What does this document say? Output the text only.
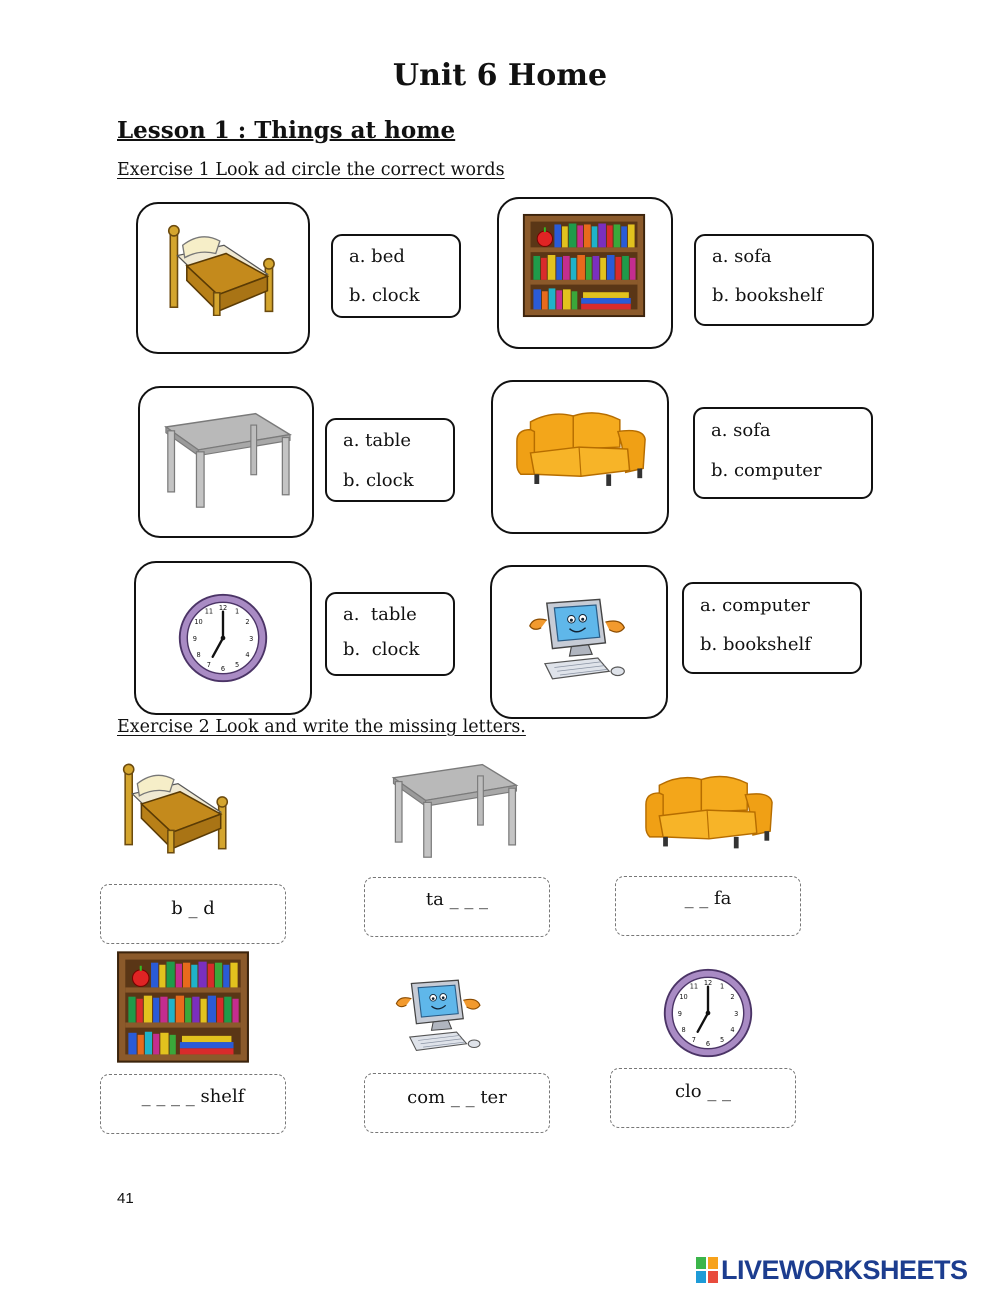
Unit 6 Home
Lesson 1 : Things at home
Exercise 1 Look ad circle the correct words
a. bed
b. clock
a. sofa
b. bookshelf
a. table
b. clock
a. sofa
b. computer
a.  table
b.  clock
a. computer
b. bookshelf
Exercise 2 Look and write the missing letters.
b _ d	ta _ _ _	_ _ fa
_ _ _ _ shelf	com _ _ ter	clo _ _
41
LIVEWORKSHEETS
